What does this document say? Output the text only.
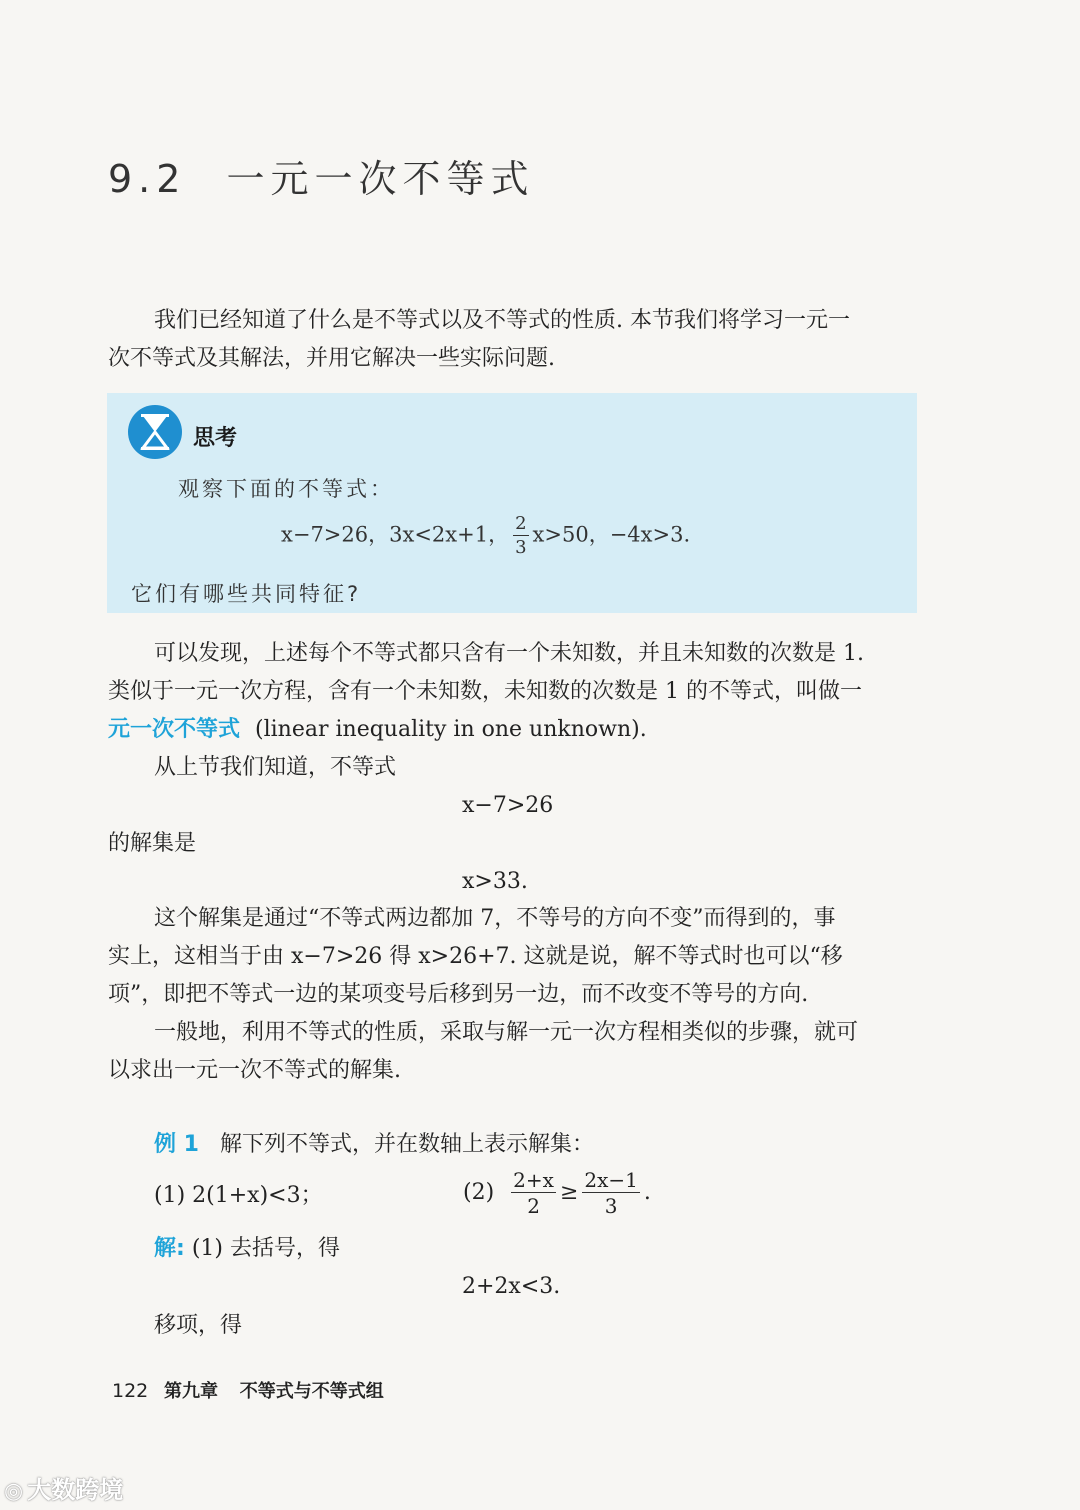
9.2 一元一次不等式
我们已经知道了什么是不等式以及不等式的性质. 本节我们将学习一元一
次不等式及其解法，并用它解决一些实际问题.
思考
观察下面的不等式：
x−7>26，3x<2x+1， $\frac{2}{3} x>50$，−4x>3.
它们有哪些共同特征?
可以发现，上述每个不等式都只含有一个未知数，并且未知数的次数是 1.
类似于一元一次方程，含有一个未知数，未知数的次数是 1 的不等式，叫做一
元一次不等式 (linear inequality in one unknown).
从上节我们知道，不等式
x−7>26
的解集是
x>33.
这个解集是通过“不等式两边都加 7，不等号的方向不变”而得到的，事
实上，这相当于由 x−7>26 得 x>26+7. 这就是说，解不等式时也可以“移
项”，即把不等式一边的某项变号后移到另一边，而不改变不等号的方向.
一般地，利用不等式的性质，采取与解一元一次方程相类似的步骤，就可
以求出一元一次不等式的解集.
例 1 解下列不等式，并在数轴上表示解集：
(1) 2(1+x)<3；	$(2) \frac{2+x}{2} \ge \frac{2x-1}{3}$ .
解: (1) 去括号，得
2+2x<3.
移项，得
122 第九章 不等式与不等式组
◎ 大数跨境
